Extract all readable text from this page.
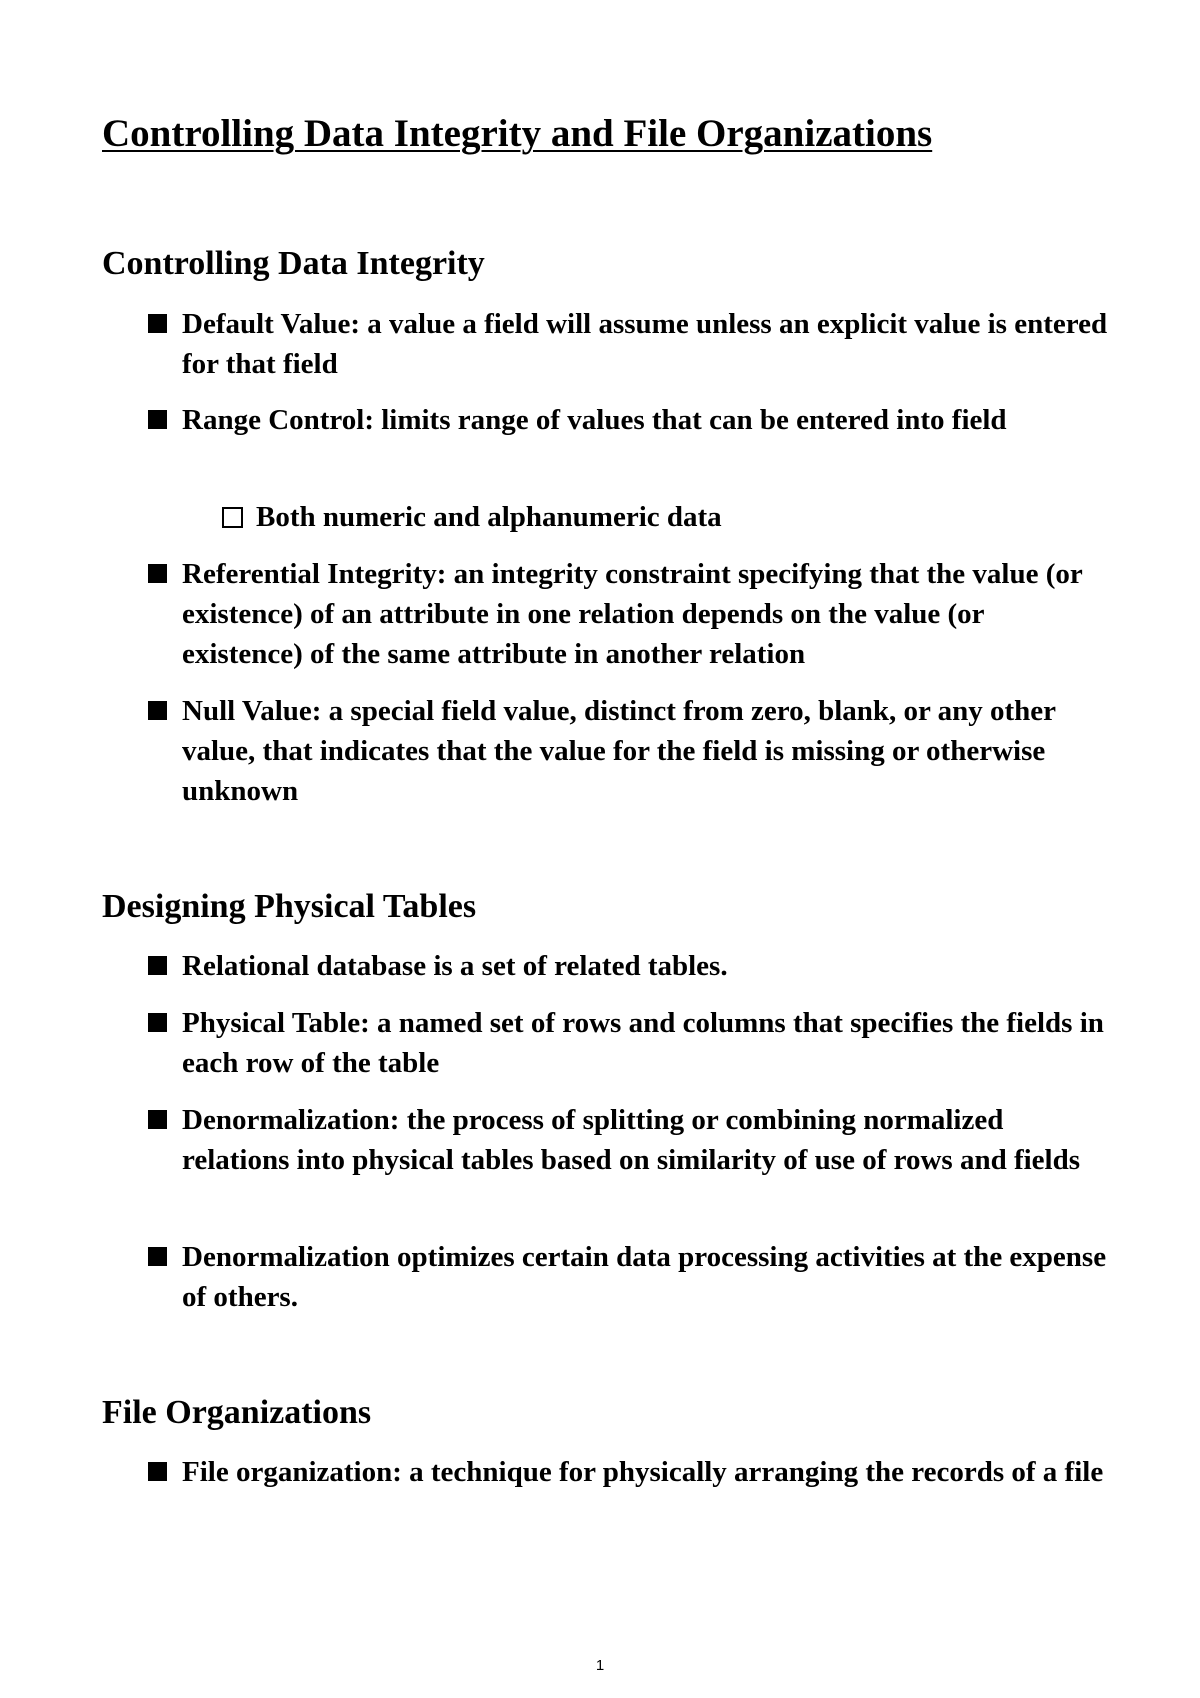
Controlling Data Integrity and File Organizations
Controlling Data Integrity
Default Value: a value a field will assume unless an explicit value is entered for that field
Range Control: limits range of values that can be entered into field
Both numeric and alphanumeric data
Referential Integrity: an integrity constraint specifying that the value (or existence) of an attribute in one relation depends on the value (or existence) of the same attribute in another relation
Null Value: a special field value, distinct from zero, blank, or any other value, that indicates that the value for the field is missing or otherwise unknown
Designing Physical Tables
Relational database is a set of related tables.
Physical Table: a named set of rows and columns that specifies the fields in each row of the table
Denormalization: the process of splitting or combining normalized relations into physical tables based on similarity of use of rows and fields
Denormalization optimizes certain data processing activities at the expense of others.
File Organizations
File organization: a technique for physically arranging the records of a file
1
